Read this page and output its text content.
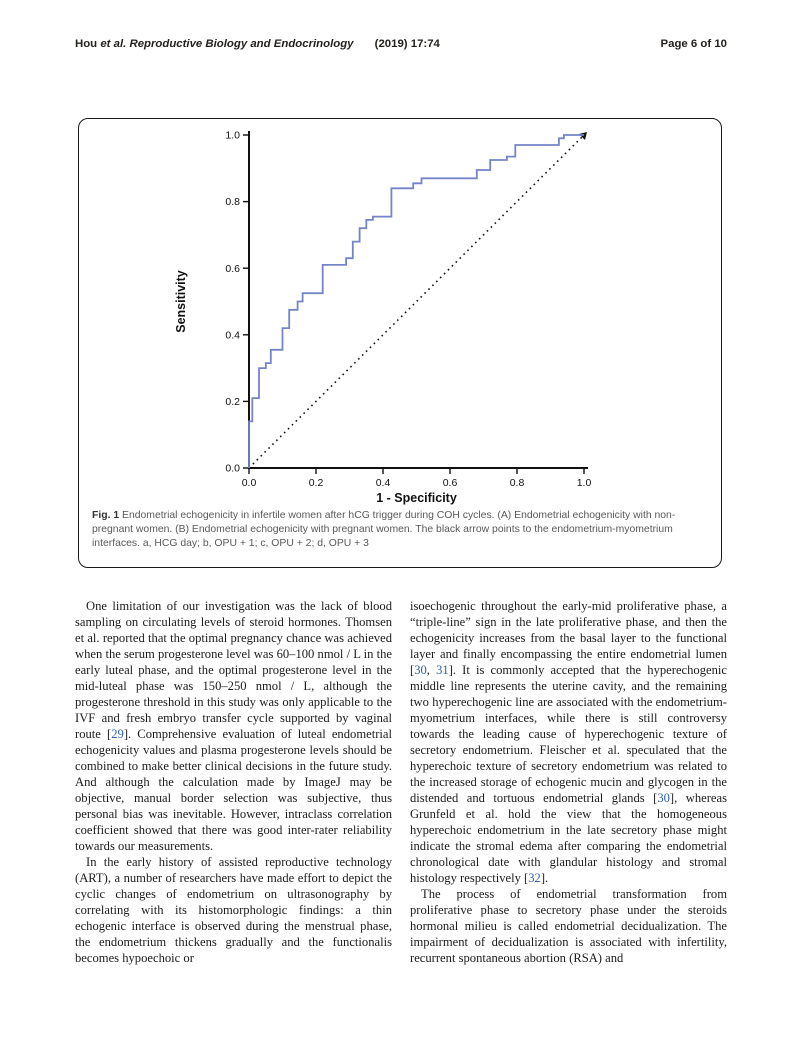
Hou et al. Reproductive Biology and Endocrinology (2019) 17:74	Page 6 of 10
0.0	0.2	0.4	0.6	0.8	1.0
0.0
0.2
0.4
0.6
0.8
1.0
1 - Specificity
Sensitivity
Fig. 1 Endometrial echogenicity in infertile women after hCG trigger during COH cycles. (A) Endometrial echogenicity with non-pregnant women. (B) Endometrial echogenicity with pregnant women. The black arrow points to the endometrium-myometrium interfaces. a, HCG day; b, OPU + 1; c, OPU + 2; d, OPU + 3

One limitation of our investigation was the lack of blood sampling on circulating levels of steroid hormones. Thomsen et al. reported that the optimal pregnancy chance was achieved when the serum progesterone level was 60–100 nmol / L in the early luteal phase, and the optimal progesterone level in the mid-luteal phase was 150–250 nmol / L, although the progesterone threshold in this study was only applicable to the IVF and fresh embryo transfer cycle supported by vaginal route [29]. Comprehensive evaluation of luteal endometrial echogenicity values and plasma progesterone levels should be combined to make better clinical decisions in the future study. And although the calculation made by ImageJ may be objective, manual border selection was subjective, thus personal bias was inevitable. However, intraclass correlation coefficient showed that there was good inter-rater reliability towards our measurements.

In the early history of assisted reproductive technology (ART), a number of researchers have made effort to depict the cyclic changes of endometrium on ultrasonography by correlating with its histomorphologic findings: a thin echogenic interface is observed during the menstrual phase, the endometrium thickens gradually and the functionalis becomes hypoechoic or

isoechogenic throughout the early-mid proliferative phase, a “triple-line” sign in the late proliferative phase, and then the echogenicity increases from the basal layer to the functional layer and finally encompassing the entire endometrial lumen [30, 31]. It is commonly accepted that the hyperechogenic middle line represents the uterine cavity, and the remaining two hyperechogenic line are associated with the endometrium-myometrium interfaces, while there is still controversy towards the leading cause of hyperechogenic texture of secretory endometrium. Fleischer et al. speculated that the hyperechoic texture of secretory endometrium was related to the increased storage of echogenic mucin and glycogen in the distended and tortuous endometrial glands [30], whereas Grunfeld et al. hold the view that the homogeneous hyperechoic endometrium in the late secretory phase might indicate the stromal edema after comparing the endometrial chronological date with glandular histology and stromal histology respectively [32].

The process of endometrial transformation from proliferative phase to secretory phase under the steroids hormonal milieu is called endometrial decidualization. The impairment of decidualization is associated with infertility, recurrent spontaneous abortion (RSA) and
